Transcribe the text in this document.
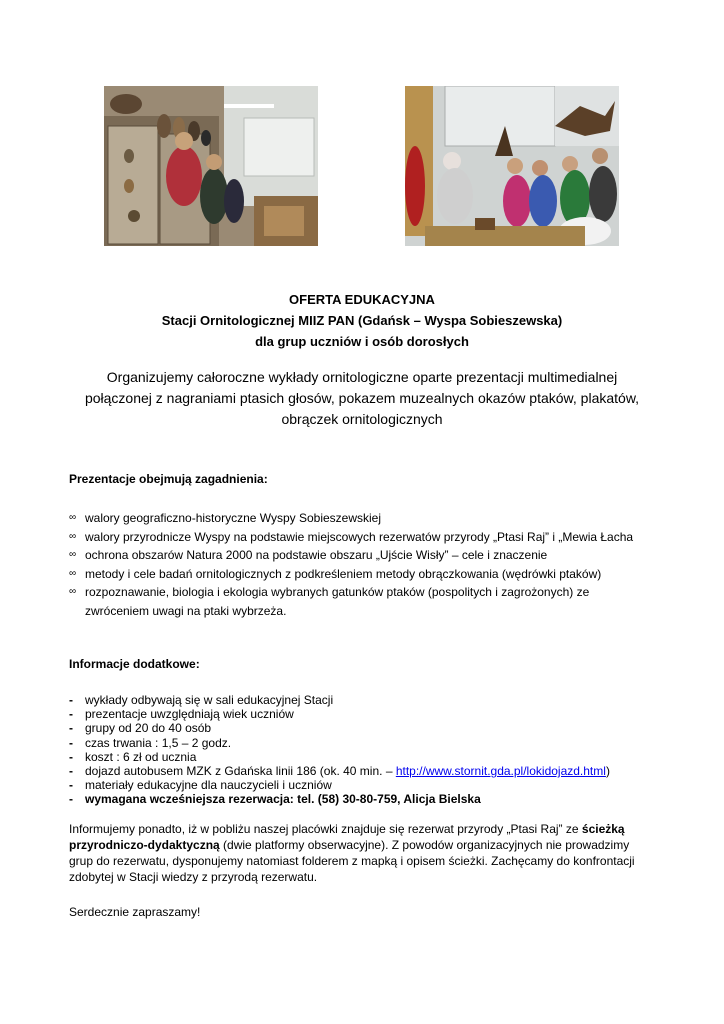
OFERTA EDUKACYJNA
Stacji Ornitologicznej MIIZ PAN (Gdańsk – Wyspa Sobieszewska)
dla grup uczniów i osób dorosłych
Organizujemy całoroczne wykłady ornitologiczne oparte prezentacji multimedialnej
połączonej z nagraniami ptasich głosów, pokazem muzealnych okazów ptaków, plakatów,
obrączek ornitologicznych
Prezentacje obejmują zagadnienia:
∞ walory geograficzno-historyczne Wyspy Sobieszewskiej
∞ walory przyrodnicze Wyspy na podstawie miejscowych rezerwatów przyrody „Ptasi Raj” i „Mewia Łacha
∞ ochrona obszarów Natura 2000 na podstawie obszaru „Ujście Wisły” – cele i znaczenie
∞ metody i cele badań ornitologicznych z podkreśleniem metody obrączkowania (wędrówki ptaków)
∞ rozpoznawanie, biologia i ekologia wybranych gatunków ptaków (pospolitych i zagrożonych) ze zwróceniem uwagi na ptaki wybrzeża.
Informacje dodatkowe:
- wykłady odbywają się w sali edukacyjnej Stacji
- prezentacje uwzględniają wiek uczniów
- grupy od 20 do 40 osób
- czas trwania : 1,5 – 2 godz.
- koszt : 6 zł od ucznia
- dojazd autobusem MZK z Gdańska linii 186 (ok. 40 min. – http://www.stornit.gda.pl/lokidojazd.html)
- materiały edukacyjne dla nauczycieli i uczniów
- wymagana wcześniejsza rezerwacja: tel. (58) 30-80-759, Alicja Bielska
Informujemy ponadto, iż w pobliżu naszej placówki znajduje się rezerwat przyrody „Ptasi Raj” ze ścieżką przyrodniczo-dydaktyczną (dwie platformy obserwacyjne). Z powodów organizacyjnych nie prowadzimy grup do rezerwatu, dysponujemy natomiast folderem z mapką i opisem ścieżki. Zachęcamy do konfrontacji zdobytej w Stacji wiedzy z przyrodą rezerwatu.
Serdecznie zapraszamy!
